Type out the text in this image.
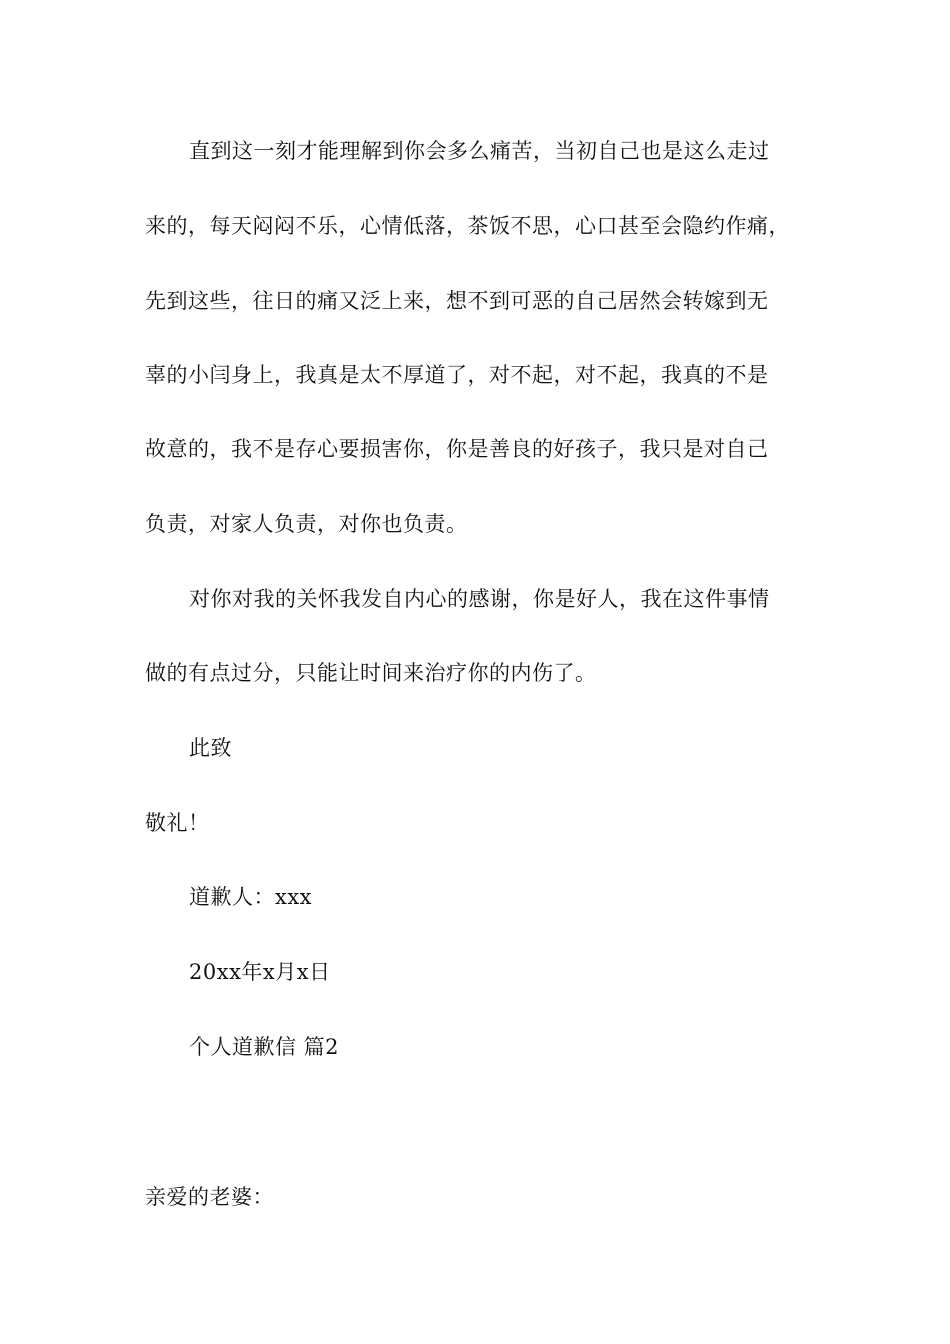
直到这一刻才能理解到你会多么痛苦，当初自己也是这么走过
来的，每天闷闷不乐，心情低落，茶饭不思，心口甚至会隐约作痛，
先到这些，往日的痛又泛上来，想不到可恶的自己居然会转嫁到无
辜的小闫身上，我真是太不厚道了，对不起，对不起，我真的不是
故意的，我不是存心要损害你，你是善良的好孩子，我只是对自己
负责，对家人负责，对你也负责。
对你对我的关怀我发自内心的感谢，你是好人，我在这件事情
做的有点过分，只能让时间来治疗你的内伤了。
此致
敬礼！
道歉人：xxx
20xx年x月x日
个人道歉信 篇2
亲爱的老婆：
